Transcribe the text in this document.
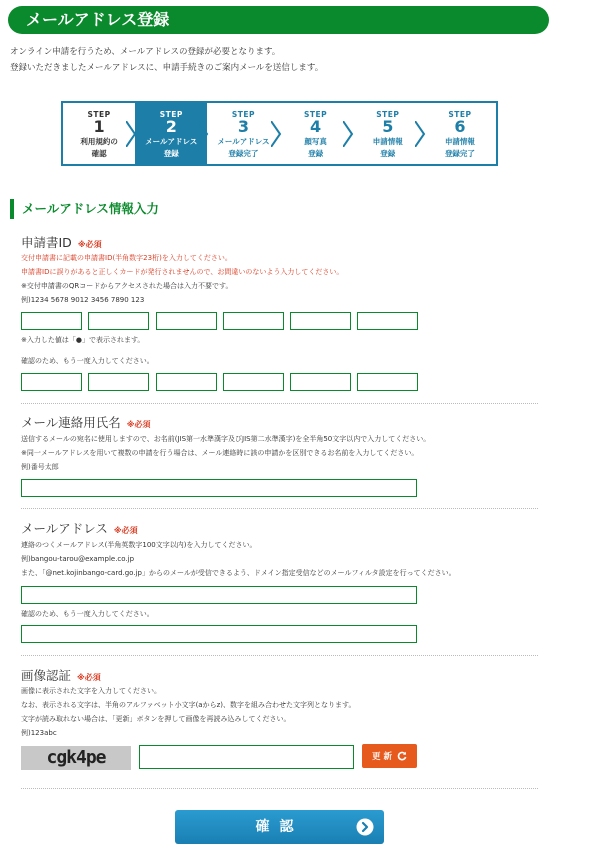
メールアドレス登録
オンライン申請を行うため、メールアドレスの登録が必要となります。
登録いただきましたメールアドレスに、申請手続きのご案内メールを送信します。
STEP
1
利用規約の
確認
STEP
2
メールアドレス
登録
STEP
3
メールアドレス
登録完了
STEP
4
顔写真
登録
STEP
5
申請情報
登録
STEP
6
申請情報
登録完了
メールアドレス情報入力
申請書ID ※必須
交付申請書に記載の申請書ID(半角数字23桁)を入力してください。
申請書IDに誤りがあると正しくカードが発行されませんので、お間違いのないよう入力してください。
※交付申請書のQRコードからアクセスされた場合は入力不要です。
例)1234 5678 9012 3456 7890 123
※入力した値は「●」で表示されます。
確認のため、もう一度入力してください。
メール連絡用氏名 ※必須
送信するメールの宛名に使用しますので、お名前(JIS第一水準漢字及びJIS第二水準漢字)を全半角50文字以内で入力してください。
※同一メールアドレスを用いて複数の申請を行う場合は、メール連絡時に該の申請かを区別できるお名前を入力してください。
例)番号太郎
メールアドレス ※必須
連絡のつくメールアドレス(半角英数字100文字以内)を入力してください。
例)bangou-tarou@example.co.jp
また、「@net.kojinbango-card.go.jp」からのメールが受信できるよう、ドメイン指定受信などのメールフィルタ設定を行ってください。
確認のため、もう一度入力してください。
画像認証 ※必須
画像に表示された文字を入力してください。
なお、表示される文字は、半角のアルファベット小文字(aからz)、数字を組み合わせた文字列となります。
文字が読み取れない場合は、「更新」ボタンを押して画像を再読み込みしてください。
例)123abc
cgk4pe	更 新
確認
